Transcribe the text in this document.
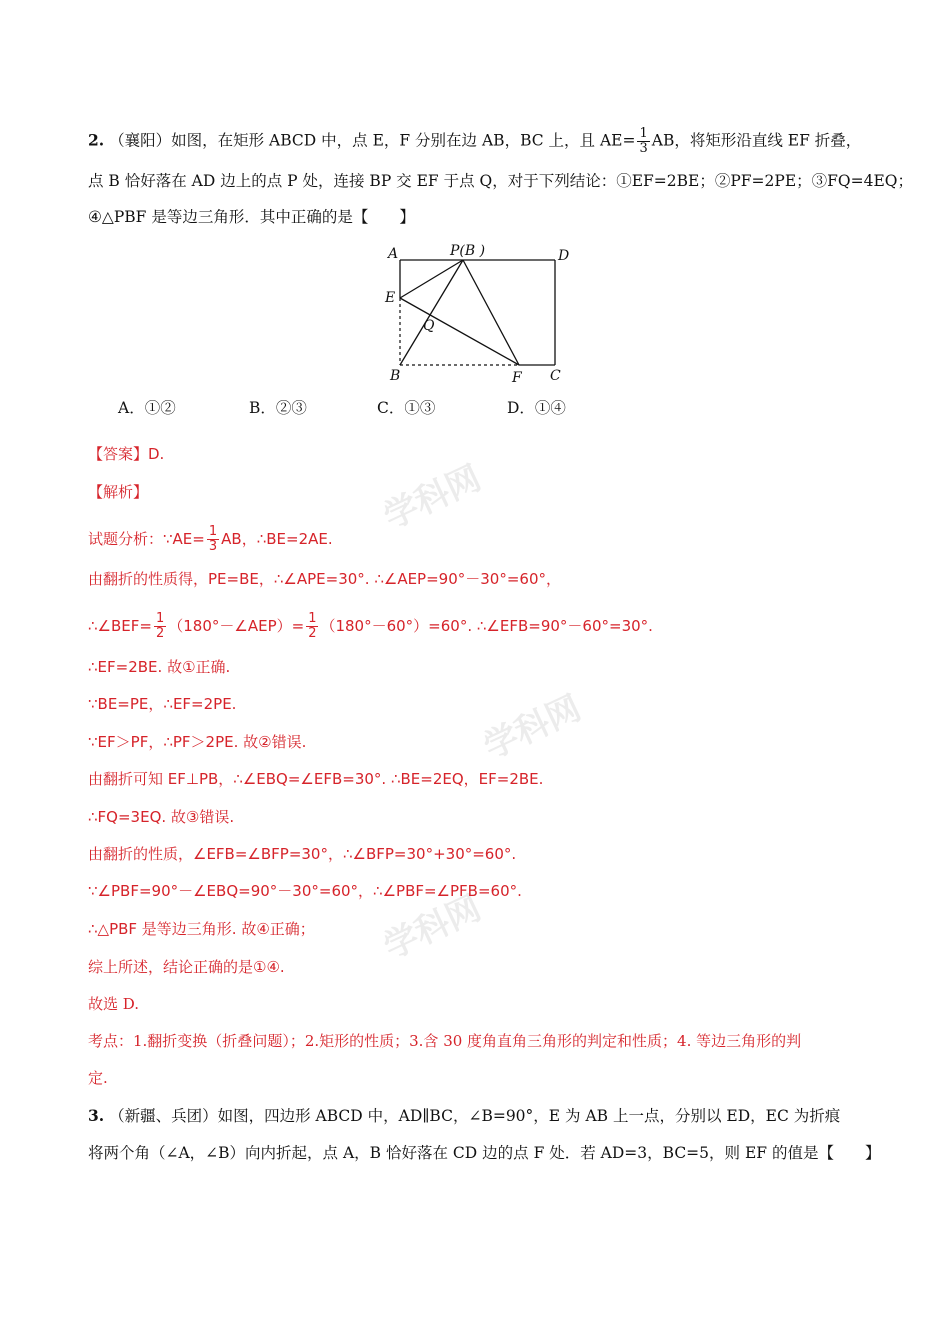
学科网
学科网
学科网
2. （襄阳）如图，在矩形 ABCD 中，点 E，F 分别在边 AB，BC 上，且 $AE= \frac{1}{3}$ AB，将矩形沿直线 EF 折叠，
点 B 恰好落在 AD 边上的点 P 处，连接 BP 交 EF 于点 Q，对于下列结论：①EF=2BE；②PF=2PE；③FQ=4EQ；
④△PBF 是等边三角形．其中正确的是【　　】
A	P(B )	D
E
Q
B	F C
A．①②	B．②③	C．①③	D．①④
【答案】D.
【解析】
试题分析：∵AE= $\frac{1}{3}$ AB，∴BE=2AE.
由翻折的性质得，PE=BE，∴∠APE=30°. ∴∠AEP=90°－30°=60°，
∴∠BEF= $\frac{1}{2}$ （180°－∠AEP）= $\frac{1}{2} (180^\circ-60^\circ)=60^\circ$. ∴∠EFB=90°－60°=30°.
∴EF=2BE. 故①正确.
∵BE=PE，∴EF=2PE.
∵EF＞PF，∴PF＞2PE. 故②错误.
由翻折可知 EF⊥PB，∴∠EBQ=∠EFB=30°. ∴BE=2EQ，EF=2BE.
∴FQ=3EQ. 故③错误.
由翻折的性质，∠EFB=∠BFP=30°，∴∠BFP=30°+30°=60°.
∵∠PBF=90°－∠EBQ=90°－30°=60°，∴∠PBF=∠PFB=60°.
∴△PBF 是等边三角形. 故④正确；
综上所述，结论正确的是①④.
故选 D.
考点：1.翻折变换（折叠问题）；2.矩形的性质；3.含 30 度角直角三角形的判定和性质；4. 等边三角形的判
定.
3. （新疆、兵团）如图，四边形 ABCD 中，AD∥BC，∠B=90°，E 为 AB 上一点，分别以 ED，EC 为折痕
将两个角（∠A，∠B）向内折起，点 A，B 恰好落在 CD 边的点 F 处．若 AD=3，BC=5，则 EF 的值是【　　】
